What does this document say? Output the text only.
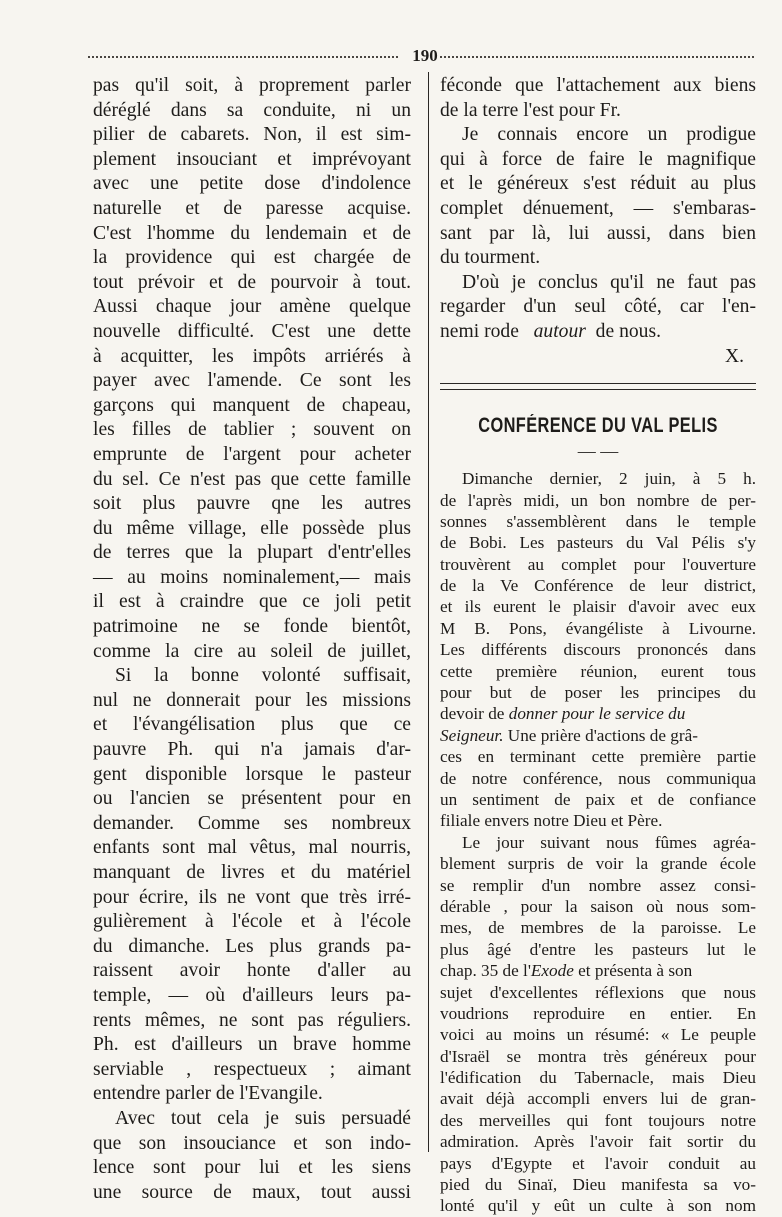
190
pas qu'il soit, à proprement parler
déréglé dans sa conduite, ni un
pilier de cabarets. Non, il est sim-
plement insouciant et imprévoyant
avec une petite dose d'indolence
naturelle et de paresse acquise.
C'est l'homme du lendemain et de
la providence qui est chargée de
tout prévoir et de pourvoir à tout.
Aussi chaque jour amène quelque
nouvelle difficulté. C'est une dette
à acquitter, les impôts arriérés à
payer avec l'amende. Ce sont les
garçons qui manquent de chapeau,
les filles de tablier ; souvent on
emprunte de l'argent pour acheter
du sel. Ce n'est pas que cette famille
soit plus pauvre qne les autres
du même village, elle possède plus
de terres que la plupart d'entr'elles
— au moins nominalement,— mais
il est à craindre que ce joli petit
patrimoine ne se fonde bientôt,
comme la cire au soleil de juillet,
Si la bonne volonté suffisait,
nul ne donnerait pour les missions
et l'évangélisation plus que ce
pauvre Ph. qui n'a jamais d'ar-
gent disponible lorsque le pasteur
ou l'ancien se présentent pour en
demander. Comme ses nombreux
enfants sont mal vêtus, mal nourris,
manquant de livres et du matériel
pour écrire, ils ne vont que très irré-
gulièrement à l'école et à l'école
du dimanche. Les plus grands pa-
raissent avoir honte d'aller au
temple, — où d'ailleurs leurs pa-
rents mêmes, ne sont pas réguliers.
Ph. est d'ailleurs un brave homme
serviable , respectueux ; aimant
entendre parler de l'Evangile.
Avec tout cela je suis persuadé
que son insouciance et son indo-
lence sont pour lui et les siens
une source de maux, tout aussi
féconde que l'attachement aux biens
de la terre l'est pour Fr.
Je connais encore un prodigue
qui à force de faire le magnifique
et le généreux s'est réduit au plus
complet dénuement, — s'embaras-
sant par là, lui aussi, dans bien
du tourment.
D'où je conclus qu'il ne faut pas
regarder d'un seul côté, car l'en-
nemi rode autour de nous.
X.
CONFÉRENCE DU VAL PELIS
— —
Dimanche dernier, 2 juin, à 5 h.
de l'après midi, un bon nombre de per-
sonnes s'assemblèrent dans le temple
de Bobi. Les pasteurs du Val Pélis s'y
trouvèrent au complet pour l'ouverture
de la Ve Conférence de leur district,
et ils eurent le plaisir d'avoir avec eux
M B. Pons, évangéliste à Livourne.
Les différents discours prononcés dans
cette première réunion, eurent tous
pour but de poser les principes du
devoir de donner pour le service du
Seigneur. Une prière d'actions de grâ-
ces en terminant cette première partie
de notre conférence, nous communiqua
un sentiment de paix et de confiance
filiale envers notre Dieu et Père.
Le jour suivant nous fûmes agréa-
blement surpris de voir la grande école
se remplir d'un nombre assez consi-
dérable , pour la saison où nous som-
mes, de membres de la paroisse. Le
plus âgé d'entre les pasteurs lut le
chap. 35 de l'Exode et présenta à son
sujet d'excellentes réflexions que nous
voudrions reproduire en entier. En
voici au moins un résumé: « Le peuple
d'Israël se montra très généreux pour
l'édification du Tabernacle, mais Dieu
avait déjà accompli envers lui de gran-
des merveilles qui font toujours notre
admiration. Après l'avoir fait sortir du
pays d'Egypte et l'avoir conduit au
pied du Sinaï, Dieu manifesta sa vo-
lonté qu'il y eût un culte à son nom
